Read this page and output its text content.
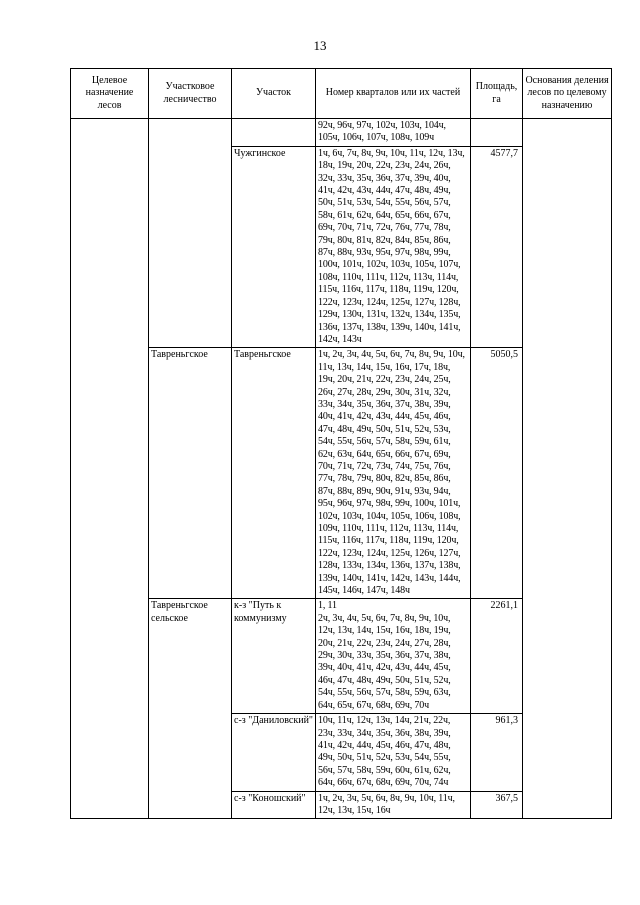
13
Целевое назначение лесов	Участковое лесничество	Участок	Номер кварталов или их частей	Площадь, га	Основания деления лесов по целевому назначению
			92ч, 96ч, 97ч, 102ч, 103ч, 104ч, 105ч, 106ч, 107ч, 108ч, 109ч		
		Чужгинское	1ч, 6ч, 7ч, 8ч, 9ч, 10ч, 11ч, 12ч, 13ч, 18ч, 19ч, 20ч, 22ч, 23ч, 24ч, 26ч, 32ч, 33ч, 35ч, 36ч, 37ч, 39ч, 40ч, 41ч, 42ч, 43ч, 44ч, 47ч, 48ч, 49ч, 50ч, 51ч, 53ч, 54ч, 55ч, 56ч, 57ч, 58ч, 61ч, 62ч, 64ч, 65ч, 66ч, 67ч, 69ч, 70ч, 71ч, 72ч, 76ч, 77ч, 78ч, 79ч, 80ч, 81ч, 82ч, 84ч, 85ч, 86ч, 87ч, 88ч, 93ч, 95ч, 97ч, 98ч, 99ч, 100ч, 101ч, 102ч, 103ч, 105ч, 107ч, 108ч, 110ч, 111ч, 112ч, 113ч, 114ч, 115ч, 116ч, 117ч, 118ч, 119ч, 120ч, 122ч, 123ч, 124ч, 125ч, 127ч, 128ч, 129ч, 130ч, 131ч, 132ч, 134ч, 135ч, 136ч, 137ч, 138ч, 139ч, 140ч, 141ч, 142ч, 143ч	4577,7	
	Тавреньгское	Тавреньгское	1ч, 2ч, 3ч, 4ч, 5ч, 6ч, 7ч, 8ч, 9ч, 10ч, 11ч, 13ч, 14ч, 15ч, 16ч, 17ч, 18ч, 19ч, 20ч, 21ч, 22ч, 23ч, 24ч, 25ч, 26ч, 27ч, 28ч, 29ч, 30ч, 31ч, 32ч, 33ч, 34ч, 35ч, 36ч, 37ч, 38ч, 39ч, 40ч, 41ч, 42ч, 43ч, 44ч, 45ч, 46ч, 47ч, 48ч, 49ч, 50ч, 51ч, 52ч, 53ч, 54ч, 55ч, 56ч, 57ч, 58ч, 59ч, 61ч, 62ч, 63ч, 64ч, 65ч, 66ч, 67ч, 69ч, 70ч, 71ч, 72ч, 73ч, 74ч, 75ч, 76ч, 77ч, 78ч, 79ч, 80ч, 82ч, 85ч, 86ч, 87ч, 88ч, 89ч, 90ч, 91ч, 93ч, 94ч, 95ч, 96ч, 97ч, 98ч, 99ч, 100ч, 101ч, 102ч, 103ч, 104ч, 105ч, 106ч, 108ч, 109ч, 110ч, 111ч, 112ч, 113ч, 114ч, 115ч, 116ч, 117ч, 118ч, 119ч, 120ч, 122ч, 123ч, 124ч, 125ч, 126ч, 127ч, 128ч, 133ч, 134ч, 136ч, 137ч, 138ч, 139ч, 140ч, 141ч, 142ч, 143ч, 144ч, 145ч, 146ч, 147ч, 148ч	5050,5	
	Тавреньгское сельское	к-з "Путь к коммунизму	1, 11
2ч, 3ч, 4ч, 5ч, 6ч, 7ч, 8ч, 9ч, 10ч, 12ч, 13ч, 14ч, 15ч, 16ч, 18ч, 19ч, 20ч, 21ч, 22ч, 23ч, 24ч, 27ч, 28ч, 29ч, 30ч, 33ч, 35ч, 36ч, 37ч, 38ч, 39ч, 40ч, 41ч, 42ч, 43ч, 44ч, 45ч, 46ч, 47ч, 48ч, 49ч, 50ч, 51ч, 52ч, 54ч, 55ч, 56ч, 57ч, 58ч, 59ч, 63ч, 64ч, 65ч, 67ч, 68ч, 69ч, 70ч	2261,1	
		с-з "Даниловский"	10ч, 11ч, 12ч, 13ч, 14ч, 21ч, 22ч, 23ч, 33ч, 34ч, 35ч, 36ч, 38ч, 39ч, 41ч, 42ч, 44ч, 45ч, 46ч, 47ч, 48ч, 49ч, 50ч, 51ч, 52ч, 53ч, 54ч, 55ч, 56ч, 57ч, 58ч, 59ч, 60ч, 61ч, 62ч, 64ч, 66ч, 67ч, 68ч, 69ч, 70ч, 74ч	961,3	
		с-з "Коношский"	1ч, 2ч, 3ч, 5ч, 6ч, 8ч, 9ч, 10ч, 11ч, 12ч, 13ч, 15ч, 16ч	367,5	
